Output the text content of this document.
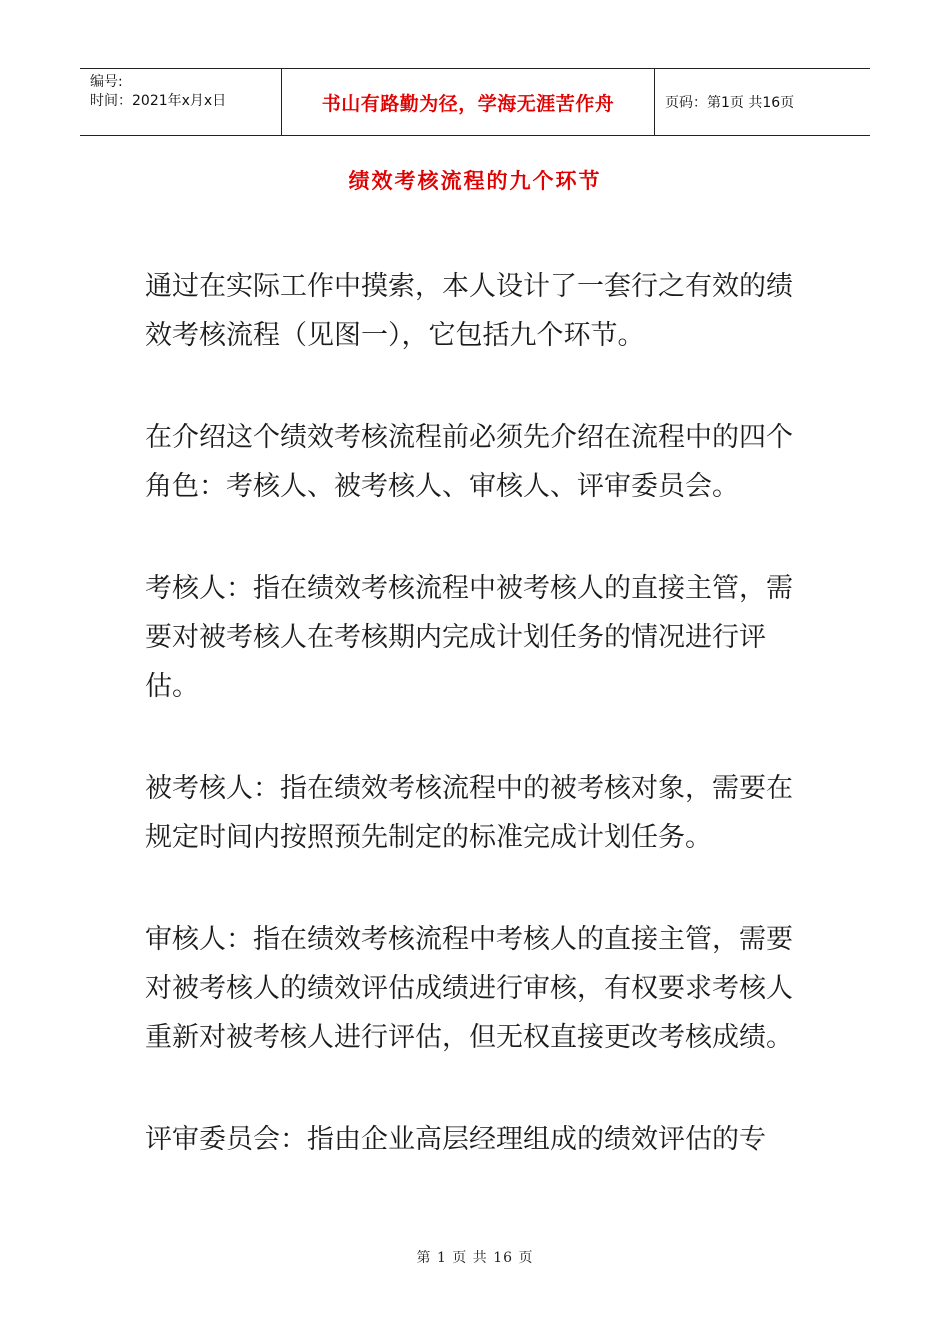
编号:
时间：2021年x月x日	书山有路勤为径，学海无涯苦作舟	页码：第1页 共16页
绩效考核流程的九个环节

通过在实际工作中摸索，本人设计了一套行之有效的绩效考核流程（见图一），它包括九个环节。

在介绍这个绩效考核流程前必须先介绍在流程中的四个角色：考核人、被考核人、审核人、评审委员会。

考核人：指在绩效考核流程中被考核人的直接主管，需要对被考核人在考核期内完成计划任务的情况进行评估。

被考核人：指在绩效考核流程中的被考核对象，需要在规定时间内按照预先制定的标准完成计划任务。

审核人：指在绩效考核流程中考核人的直接主管，需要对被考核人的绩效评估成绩进行审核，有权要求考核人重新对被考核人进行评估，但无权直接更改考核成绩。

评审委员会：指由企业高层经理组成的绩效评估的专

第 1 页 共 16 页
